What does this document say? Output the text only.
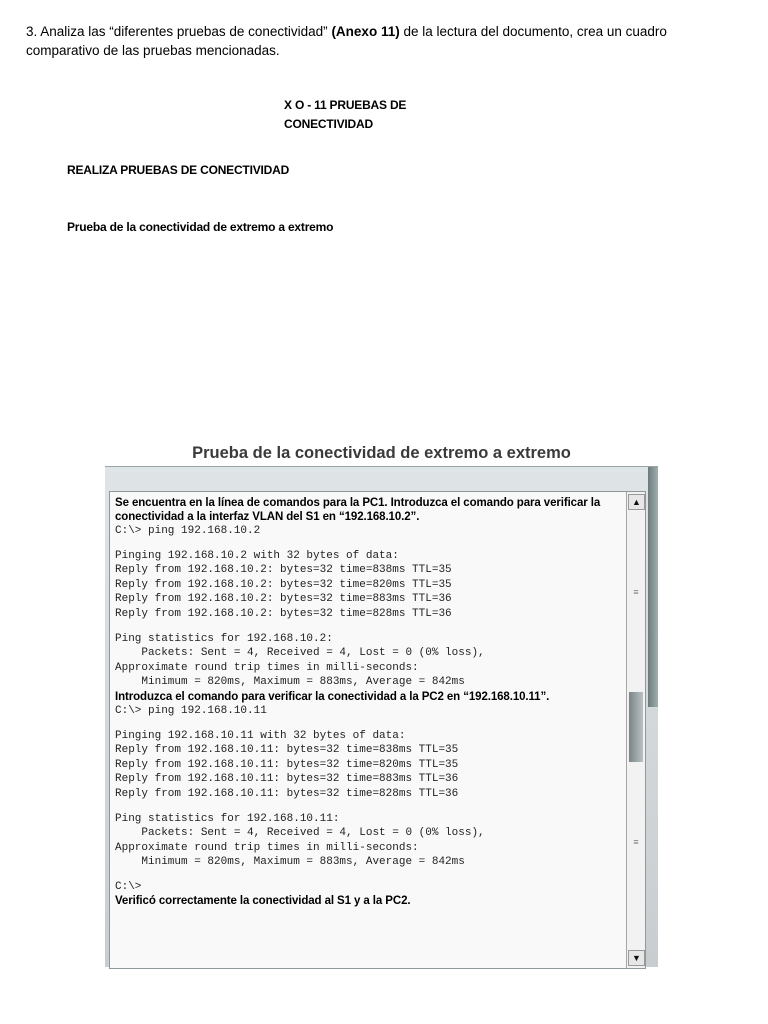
3. Analiza las “diferentes pruebas de conectividad” (Anexo 11) de la lectura del documento, crea un cuadro comparativo de las pruebas mencionadas.
X O - 11 PRUEBAS DE CONECTIVIDAD
REALIZA PRUEBAS DE CONECTIVIDAD
Prueba de la conectividad de extremo a extremo
Prueba de la conectividad de extremo a extremo
Se encuentra en la línea de comandos para la PC1. Introduzca el comando para verificar la conectividad a la interfaz VLAN del S1 en “192.168.10.2”.
C:\> ping 192.168.10.2
Pinging 192.168.10.2 with 32 bytes of data:
Reply from 192.168.10.2: bytes=32 time=838ms TTL=35
Reply from 192.168.10.2: bytes=32 time=820ms TTL=35
Reply from 192.168.10.2: bytes=32 time=883ms TTL=36
Reply from 192.168.10.2: bytes=32 time=828ms TTL=36
Ping statistics for 192.168.10.2:
Packets: Sent = 4, Received = 4, Lost = 0 (0% loss),
Approximate round trip times in milli-seconds:
Minimum = 820ms, Maximum = 883ms, Average = 842ms
Introduzca el comando para verificar la conectividad a la PC2 en “192.168.10.11”.
C:\> ping 192.168.10.11
Pinging 192.168.10.11 with 32 bytes of data:
Reply from 192.168.10.11: bytes=32 time=838ms TTL=35
Reply from 192.168.10.11: bytes=32 time=820ms TTL=35
Reply from 192.168.10.11: bytes=32 time=883ms TTL=36
Reply from 192.168.10.11: bytes=32 time=828ms TTL=36
Ping statistics for 192.168.10.11:
Packets: Sent = 4, Received = 4, Lost = 0 (0% loss),
Approximate round trip times in milli-seconds:
Minimum = 820ms, Maximum = 883ms, Average = 842ms
C:\>
Verificó correctamente la conectividad al S1 y a la PC2.
▲
≡
≡
▼
